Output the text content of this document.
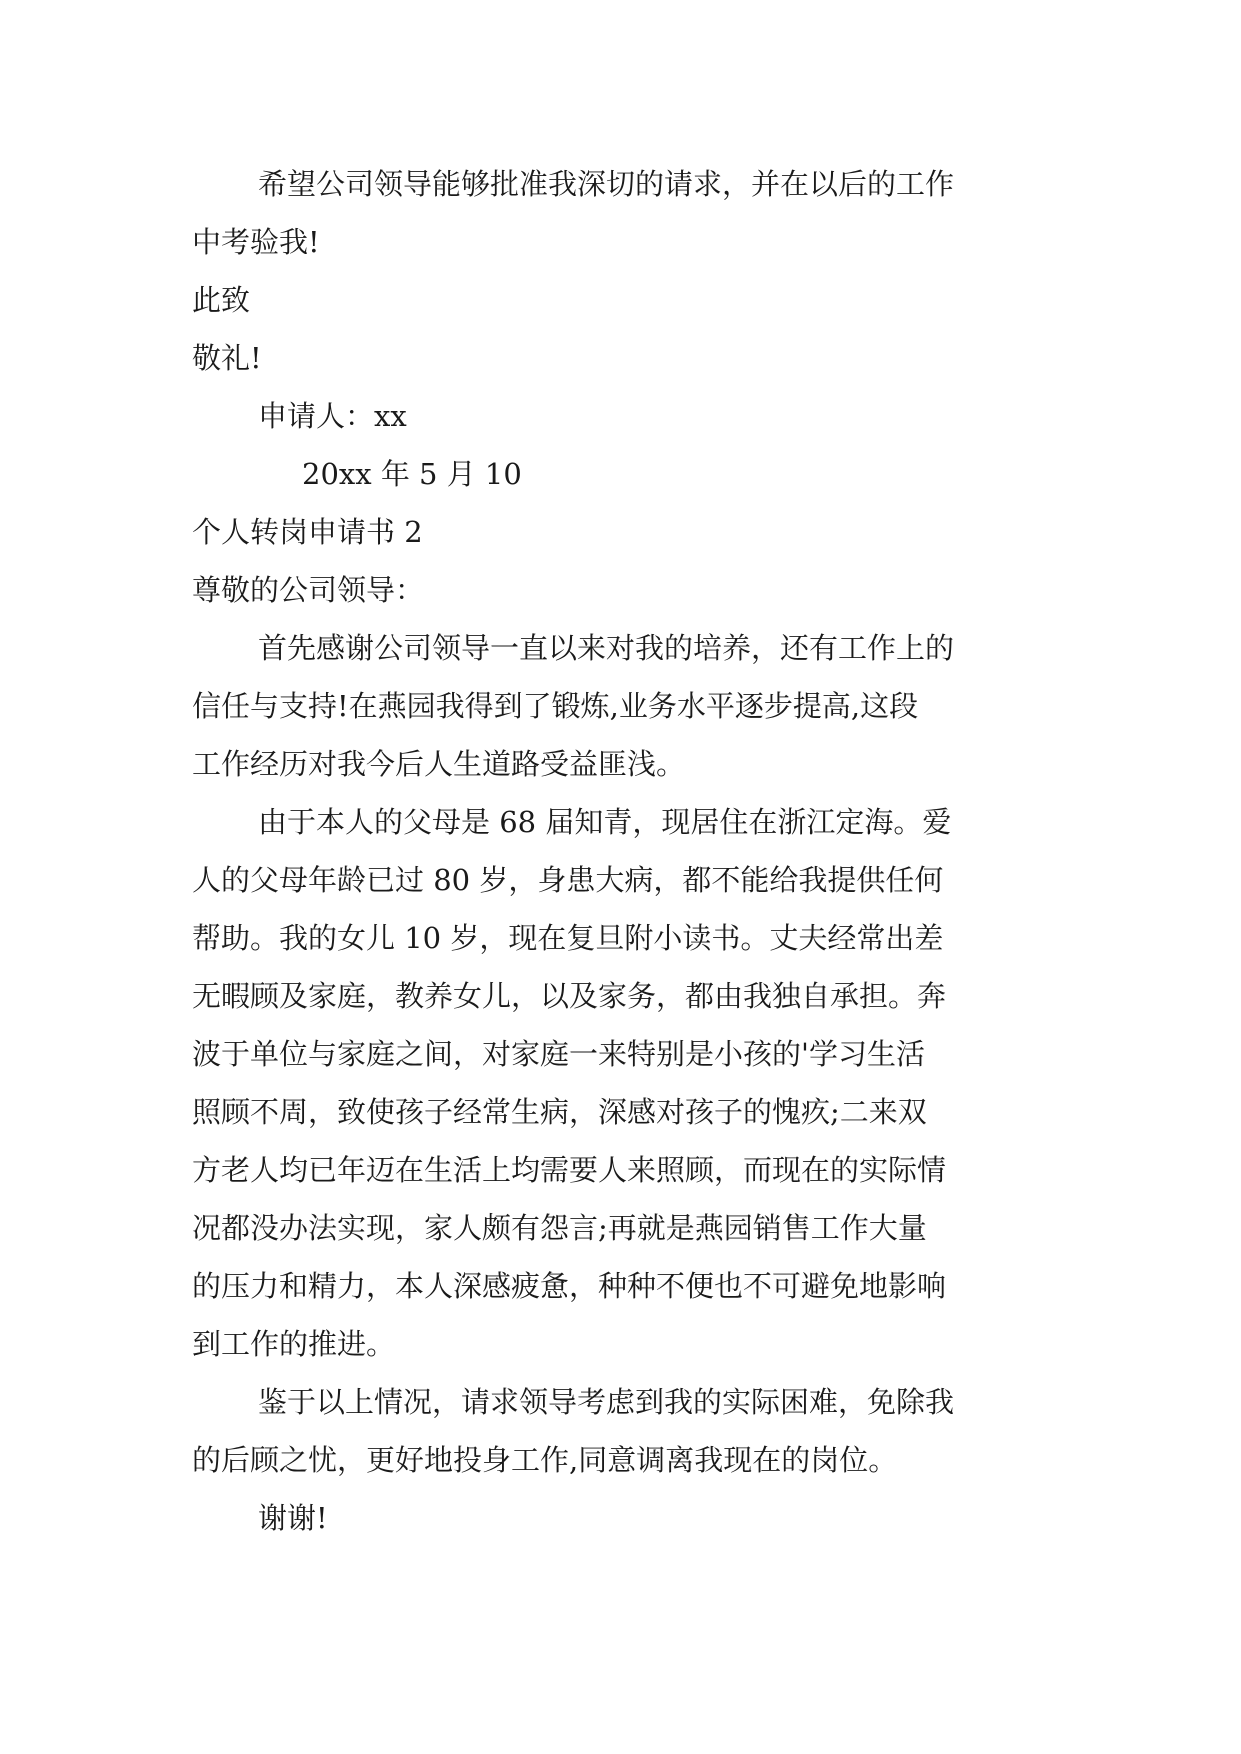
希望公司领导能够批准我深切的请求，并在以后的工作
中考验我!
此致
敬礼!
申请人：xx
20xx 年 5 月 10
个人转岗申请书 2
尊敬的公司领导：
首先感谢公司领导一直以来对我的培养，还有工作上的
信任与支持!在燕园我得到了锻炼,业务水平逐步提高,这段
工作经历对我今后人生道路受益匪浅。
由于本人的父母是 68 届知青，现居住在浙江定海。爱
人的父母年龄已过 80 岁，身患大病，都不能给我提供任何
帮助。我的女儿 10 岁，现在复旦附小读书。丈夫经常出差
无暇顾及家庭，教养女儿，以及家务，都由我独自承担。奔
波于单位与家庭之间，对家庭一来特别是小孩的'学习生活
照顾不周，致使孩子经常生病，深感对孩子的愧疚;二来双
方老人均已年迈在生活上均需要人来照顾，而现在的实际情
况都没办法实现，家人颇有怨言;再就是燕园销售工作大量
的压力和精力，本人深感疲惫，种种不便也不可避免地影响
到工作的推进。
鉴于以上情况，请求领导考虑到我的实际困难，免除我
的后顾之忧，更好地投身工作,同意调离我现在的岗位。
谢谢!
